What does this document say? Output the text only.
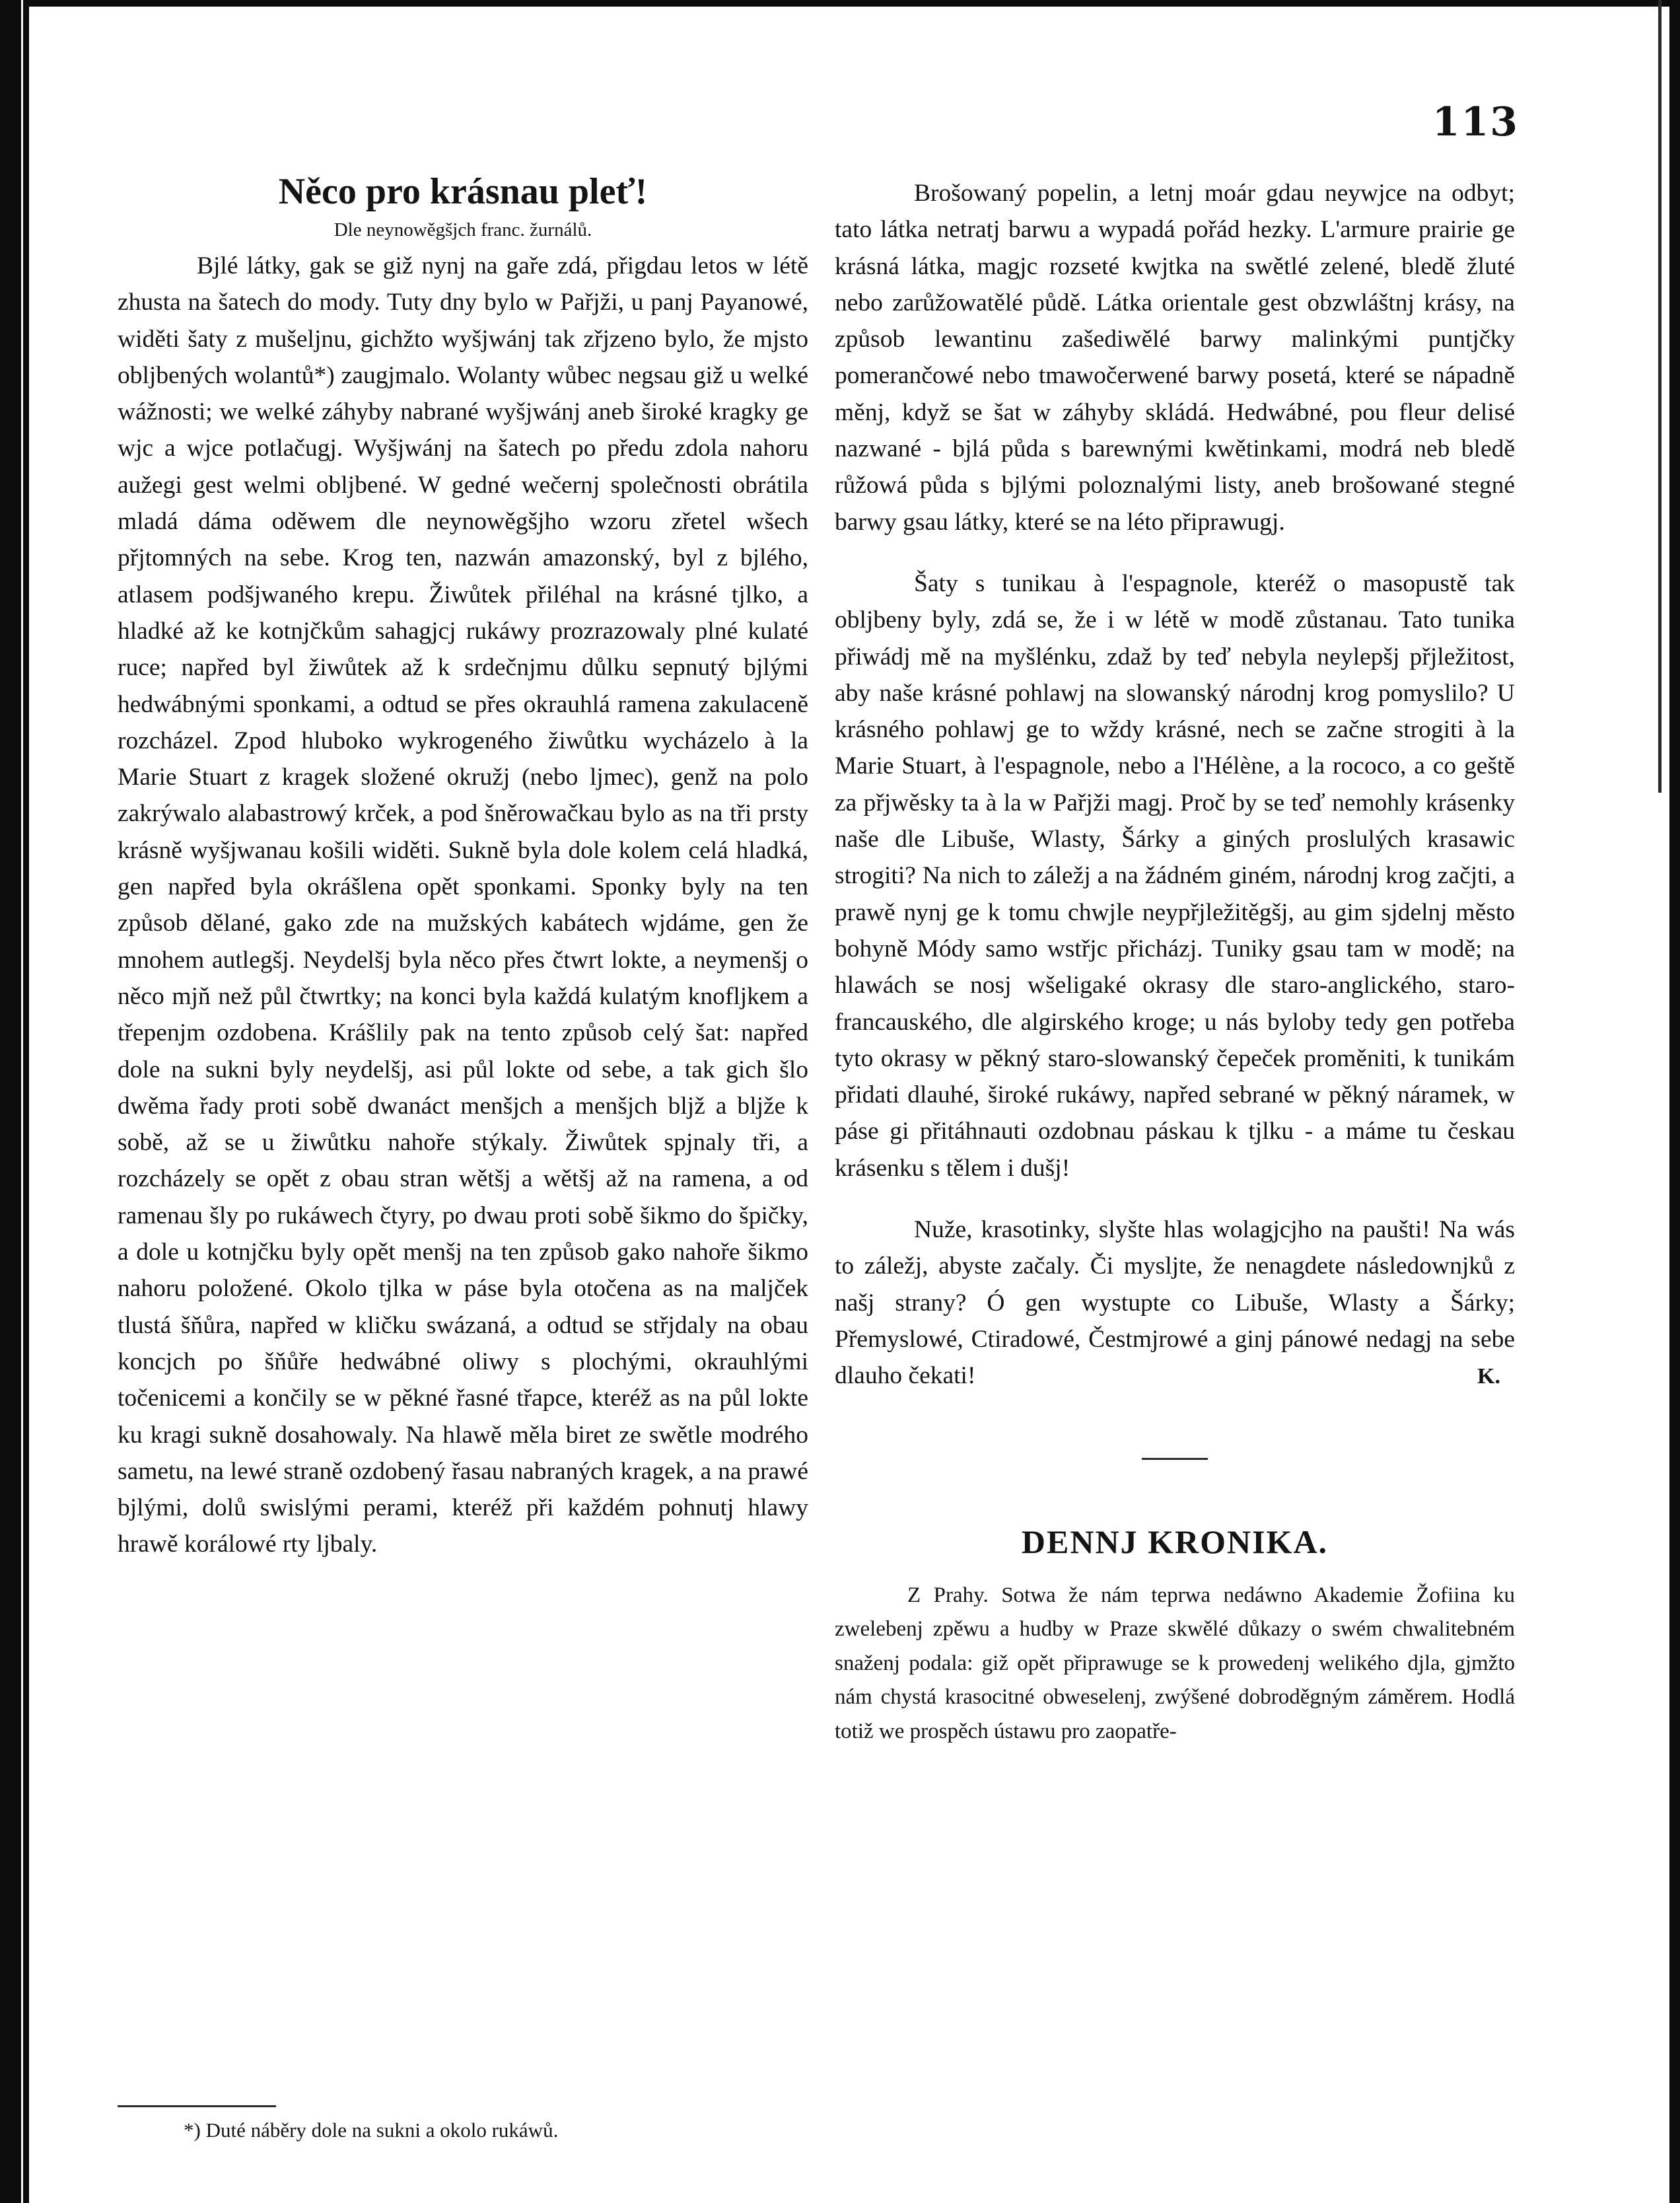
113
Něco pro krásnau pleť!
Dle neynowěgšjch franc. žurnálů.

Bjlé látky, gak se giž nynj na gaře zdá, přigdau letos w létě zhusta na šatech do mody. Tuty dny bylo w Pařjži, u panj Payanowé, widěti šaty z mušelјnu, gichžto wyšjwánj tak zřjzeno bylo, že mjsto oblјbených wolantů*) zaugjmalo. Wolanty wůbec negsau giž u welké wážnosti; we welké záhyby nabrané wyšjwánj aneb široké kragky ge wjc a wjce potlačugj. Wyšjwánj na šatech po předu zdola nahoru aužegi gest welmi oblјbené. W gedné wečernj společnosti obrátila mladá dáma oděwem dle neynowěgšjho wzoru zřetel wšech přjtomných na sebe. Krog ten, nazwán amazonský, byl z bjlého, atlasem podšjwaného krepu. Žiwůtek přiléhal na krásné tjlko, a hladké až ke kotnjčkům sahagjcj rukáwy prozrazowaly plné kulaté ruce; napřed byl žiwůtek až k srdečnjmu důlku sepnutý bjlými hedwábnými sponkami, a odtud se přes okrauhlá ramena zakulaceně rozcházel. Zpod hluboko wykrogeného žiwůtku wycházelo à la Marie Stuart z kragek složené okružj (nebo ljmec), genž na polo zakrýwalo alabastrowý krček, a pod šněrowačkau bylo as na tři prsty krásně wyšjwanau košili widěti. Sukně byla dole kolem celá hladká, gen napřed byla okrášlena opět sponkami. Sponky byly na ten způsob dělané, gako zde na mužských kabátech wjdáme, gen že mnohem autlegšj. Neydelšj byla něco přes čtwrt lokte, a neymenšj o něco mjň než půl čtwrtky; na konci byla každá kulatým knoflјkem a třepenjm ozdobena. Krášlily pak na tento způsob celý šat: napřed dole na sukni byly neydelšj, asi půl lokte od sebe, a tak gich šlo dwěma řady proti sobě dwanáct menšjch a menšjch bljž a bljže k sobě, až se u žiwůtku nahoře stýkaly. Žiwůtek spjnaly tři, a rozcházely se opět z obau stran wětšj a wětšj až na ramena, a od ramenau šly po rukáwech čtyry, po dwau proti sobě šikmo do špičky, a dole u kotnjčku byly opět menšj na ten způsob gako nahoře šikmo nahoru položené. Okolo tjlka w páse byla otočena as na maljček tlustá šňůra, napřed w kličku swázaná, a odtud se střjdaly na obau koncjch po šňůře hedwábné oliwy s plochými, okrauhlými točenicemi a končily se w pěkné řasné třapce, kteréž as na půl lokte ku kragi sukně dosahowaly. Na hlawě měla biret ze swětle modrého sametu, na lewé straně ozdobený řasau nabraných kragek, a na prawé bjlými, dolů swislými perami, kteréž při každém pohnutj hlawy hrawě korálowé rty ljbaly.

Brošowaný popelin, a letnj moár gdau neywjce na odbyt; tato látka netratj barwu a wypadá pořád hezky. L'armure prairie ge krásná látka, magjc rozseté kwjtka na swětlé zelené, bledě žluté nebo zarůžowatělé půdě. Látka orientale gest obzwláštnj krásy, na způsob lewantinu zašediwělé barwy malinkými puntjčky pomerančowé nebo tmawočerwené barwy posetá, které se nápadně měnj, když se šat w záhyby skládá. Hedwábné, pou fleur delisé nazwané - bjlá půda s barewnými kwětinkami, modrá neb bledě růžowá půda s bjlými poloznalými listy, aneb brošowané stegné barwy gsau látky, které se na léto připrawugj.

Šaty s tunikau à l'espagnole, kteréž o masopustě tak oblјbeny byly, zdá se, že i w létě w modě zůstanau. Tato tunika přiwádj mě na myšlénku, zdaž by teď nebyla neylepšj přjležitost, aby naše krásné pohlawj na slowanský národnj krog pomyslilo? U krásného pohlawj ge to wždy krásné, nech se začne strogiti à la Marie Stuart, à l'espagnole, nebo a l'Hélène, a la rococo, a co geště za přjwěsky ta à la w Pařjži magj. Proč by se teď nemohly krásenky naše dle Libuše, Wlasty, Šárky a giných proslulých krasawic strogiti? Na nich to záležj a na žádném giném, národnj krog začjti, a prawě nynj ge k tomu chwјle neypřjležitěgšj, au gim sjdelnj město bohyně Módy samo wstřjc přicházj. Tuniky gsau tam w modě; na hlawách se nosj wšeligaké okrasy dle staro-anglického, staro-francauského, dle algirského kroge; u nás byloby tedy gen potřeba tyto okrasy w pěkný staro-slowanský čepeček proměniti, k tunikám přidati dlauhé, široké rukáwy, napřed sebrané w pěkný náramek, w páse gi přitáhnauti ozdobnau páskau k tjlku - a máme tu českau krásenku s tělem i dušj!

Nuže, krasotinky, slyšte hlas wolagjcjho na paušti! Na wás to záležj, abyste začaly. Či myslјte, že nenagdete následownjků z našj strany? Ó gen wystupte co Libuše, Wlasty a Šárky; Přemyslowé, Ctiradowé, Čestmjrowé a ginj pánowé nedagj na sebe dlauho čekati!	K.
DENNJ KRONIKA.

Z Prahy. Sotwa že nám teprwa nedáwno Akademie Žofiina ku zwelebenj zpěwu a hudby w Praze skwělé důkazy o swém chwalitebném snaženj podala: giž opět připrawuge se k prowedenj welikého djla, gjmžto nám chystá krasocitné obweselenj, zwýšené dobroděgným záměrem. Hodlá totiž we prospěch ústawu pro zaopatře-

*) Duté náběry dole na sukni a okolo rukáwů.
